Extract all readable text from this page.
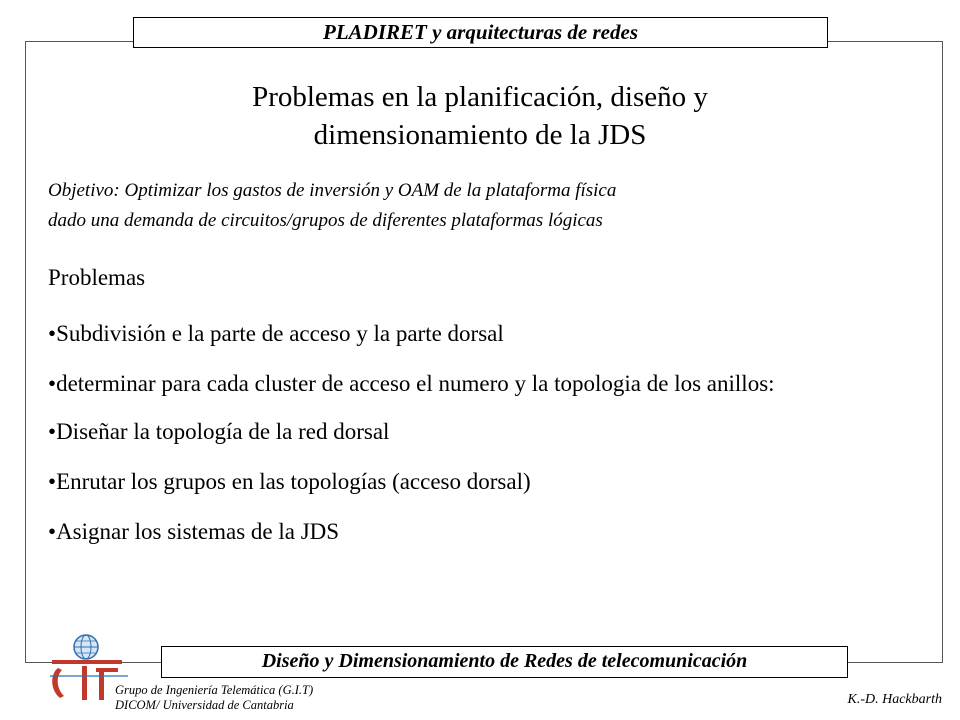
PLADIRET y arquitecturas de redes
Problemas en la planificación, diseño y
dimensionamiento de la JDS
Objetivo: Optimizar los gastos de inversión y OAM de la plataforma física
dado una demanda de circuitos/grupos de diferentes plataformas lógicas
Problemas
•Subdivisión e la parte de acceso y la parte dorsal
•determinar para cada cluster de acceso el numero y la topologia de los anillos:
•Diseñar la topología de la red dorsal
•Enrutar los grupos en las topologías (acceso dorsal)
•Asignar los sistemas de la JDS
Diseño y Dimensionamiento de Redes de telecomunicación
Grupo de Ingeniería Telemática (G.I.T)
DICOM/ Universidad de Cantabria	K.-D. Hackbarth
